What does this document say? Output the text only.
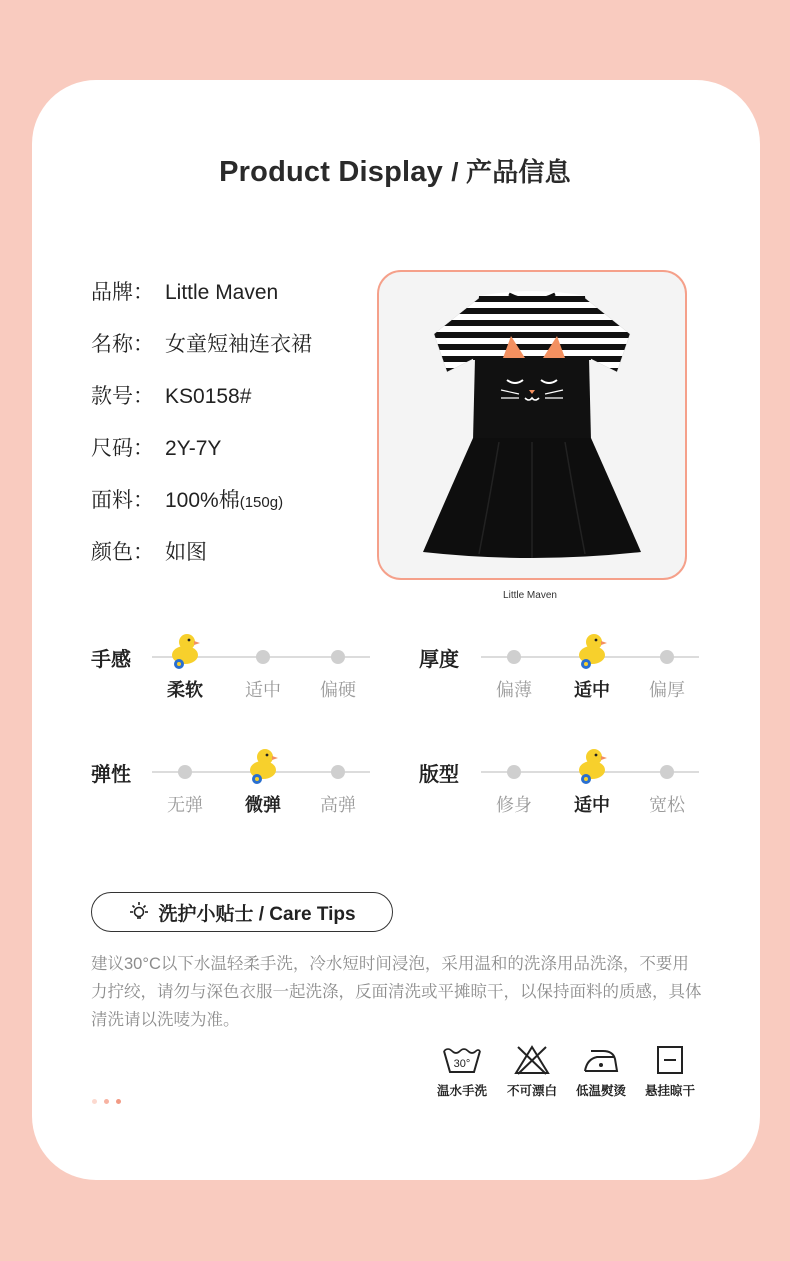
Product Display / 产品信息
品牌： Little Maven
名称： 女童短袖连衣裙
款号： KS0158#
尺码： 2Y-7Y
面料： 100%棉(150g)
颜色： 如图
Little Maven
手感
柔软	适中	偏硬
厚度
偏薄	适中	偏厚
弹性
无弹	微弹	高弹
版型
修身	适中	宽松
洗护小贴士 / Care Tips
建议30°C以下水温轻柔手洗，冷水短时间浸泡，采用温和的洗涤用品洗涤，不要用力拧绞，请勿与深色衣服一起洗涤，反面清洗或平摊晾干，以保持面料的质感，具体清洗请以洗唛为准。
30°
温水手洗	不可漂白	低温熨烫	悬挂晾干
